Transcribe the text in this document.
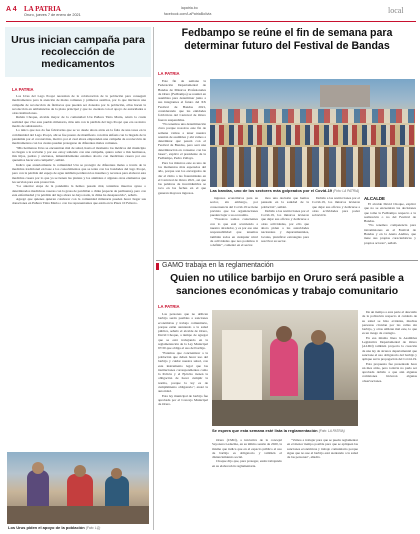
A 4 LA PATRIA
Oruro, jueves 7 de enero de 2021
lapatria.bo
facebook.com/LaPatriaBolivia	local
Urus inician campaña para recolección de medicamentos
LA PATRIA
Los Urus del Lago Poopó necesitan de la colaboración de la población para conseguir medicamentos para la atención de males comunes y primeros auxilios, por lo que iniciaron una campaña de recolección de fármacos que pueden ser donados por la población, ellos hacen la recolección en ambulancias de la plaza principal y que no cuentan con el apoyo de autoridades u otras instituciones.
Rubén Choque, alcalde mayor de la comunidad Uru Puñaca Tinta María, relató la cruda realidad que vive este pueblo milenario, más aún con la pérdida del lago Poopó que era su único medio de subsistencia.
Lo único que nos da fue fabricarles que se ve desde ahora atrás en la falta de una tarea en la cotidianidad del Lago Poopó, ahí se fue puesto de manifiesto con más énfasis con la llegada de la pandemia por el coronavirus, motivo por el cual ahora emprenden una campaña de recolección de medicamentos con los cuales puedan protegerse de diferentes males comunes.
"Mis hermanos Urus se encuentran mal de salud, hasta el momento los médicos del municipio no llegan a la revisión y por eso estoy saliendo con una campaña, quiero saber a mis hermanos, mis hijos, padres y ancianos, lamentablemente estamos aborto con medicinas casera por eso queremos hacer esta campaña", señaló.
Indicó que anteriormente la comunidad Uru se protegió de diferentes males a través de la medicina tradicional en base a los conocimientos que se tenía con los bondades del lago Poopó, pero con la pérdida del espejo de agua también perdieron los insumos y recursos para elaborar esta medicina casera por lo que ya se tienen las plantas y los animales ó algunas otras elementos que les servían para esta protección.
"La anterior etapa de la pandemia la hemos pasado mal, teníamos muertos ayuso o determinados medicinas caseras con la grasa de parchilan o chika (especie de parihuana), pero con esta enfermedad y la pérdida del lago ahora no hayo nada, la chika ha desaparecido", señaló.
Agregó que quienes quieran colaborar con la comunidad milenaria pueden hacer llegar sus donaciones en Puñaca Tinta María o con los representantes que están en la Plaza 10 Febrero.
Los Urus piden el apoyo de la población (Foto: LQ)
Fedbampo se reúne el fin de semana para determinar futuro del Festival de Bandas
LA PATRIA
Este fin de semana la Federación Departamental de Bandas de Músicos Profesionales de Oruro (Fedbampo) se reunirá en asamblea para determinar junto a sus integrantes el futuro del XX Festival de Bandas 2021, considerando que las entidades folclóricas del Carnaval de Oruro fueron suspendidas.
"No tenemos una determinación clara porque nosotros este fin de semana vamos a tener nuestra reunión de asamblea y ahí vamos a determinar qué pasará con el Festival de Bandas, pero será una determinación en consenso con las bases", explicó el presidente de la Fedbampo, Pedro Zallaya.
Para los músicos este es uno de los momentos más esperados del año, porque son los encargados de dar el ritmo a las fraternidades en el Carnaval de Oruro 2021, así que las palabras de incertidumbre se toca en las fechas en el que generan mayores ingresos.	Las bandas, uno de los sectores más golpeados por el Covid-19 (Foto: LA PATRIA)
ingresos económicos para su sector, sin embargo, por consecuencia del Covid-19 se tiene previsto que las organizaciones pueden bajar a su economía.
"Nosotros somos conscientes con lo que está ocurriendo a nuestro alrededor, y es por eso una responsabilidad que tenemos también todos en cualquier nivel de actividades que nos podamos ir a definir", comentó en el sector.
mos una decisión que hemos pensado en la sanidad de la población", señaló.
Debido a las restricciones por el Covid-19, los músicos tuvieron que dejar sus oficios y dedicarse a otras actividades, por ello que ahora piden a las autoridades nacionales y departamentales, locales, planificar estrategias para reactivar su sector.
Debido a las restricciones por el Covid-19, los músicos tuvieron que dejar sus oficios y dedicarse a otras actividades para poder sobrevivir.
ALCALDE
El alcalde David Choque, explicó que no se encuentran las decisiones que toma la Fedbampo respecto a la realización o no del Festival de Bandas.
"No tenemos competencia para intromisiones en el Festival de Bandas y en la Anata Andino, que tiene sus propias características y propios actores", señaló.
GAMO trabaja en la reglamentación
Quien no utilice barbijo en Oruro será pasible a sanciones económicas y trabajo comunitario
LA PATRIA
Las personas que no utilicen barbijo serán pasibles a sanciones económicas y trabajo comunitario, porque están atentando a la salud pública, señaló el alcalde de Oruro, David Choque, a tiempo de agregar que se está trabajando en la reglamentación de la Ley Municipal 97/20 que obliga el uso del barbijo.
"Estamos que concientizar a la población que deben hacer uso del barbijo y cuidar nuestra salud, con este instrumento legal que las instituciones correspondientes como la Policía y el Ejército tienen la obligación de hacer cumplir la norma, porque la ley es de cumplimiento obligatorio", anotó la autoridad.
Esta ley municipal de barbijo fue aprobada por el Concejo Municipal de Oruro.
Se espera que esta semana esté lista la reglamentación (Foto: LA PATRIA)
Oruro (CMO), a iniciativa de la concejal Sayonara Ledezma, en su último sesión de 2020, la misma que indica que en el espacio público el uso de barbijo es obligatorio y también el distanciamiento social.
Choque dijo que, para proteger, están trabajando en su elaboración reglamentaria.
"Vamos a trabajar para que se pueda reglamentar en el menor tiempo posible para que se apliquen las sanciones económicas y trabajo comunitario porque sigue que no use el barbijo está atentando a la salud de las personas", añadió.
De un tiempo a esta parte el descuido de la población respecto al cuidado de su salud se hizo evidente, muchas personas circulan por las calles sin barbijo, y otras utilizan mal este, lo que es un riesgo de contagio.
En esa misma línea la Asamblea Legislativa Departamental de Oruro (ALDO) también proyecta la creación de una ley de alcance departamental que sancione el uso obligatorio del barbijo y aplique así la propagación del Covid-19.
Esta propuesta fue presentada hace un mes atrás, pero todavía no pudo ser aprobada debido a que aún algunas comisiones hicieron algunas observaciones.
